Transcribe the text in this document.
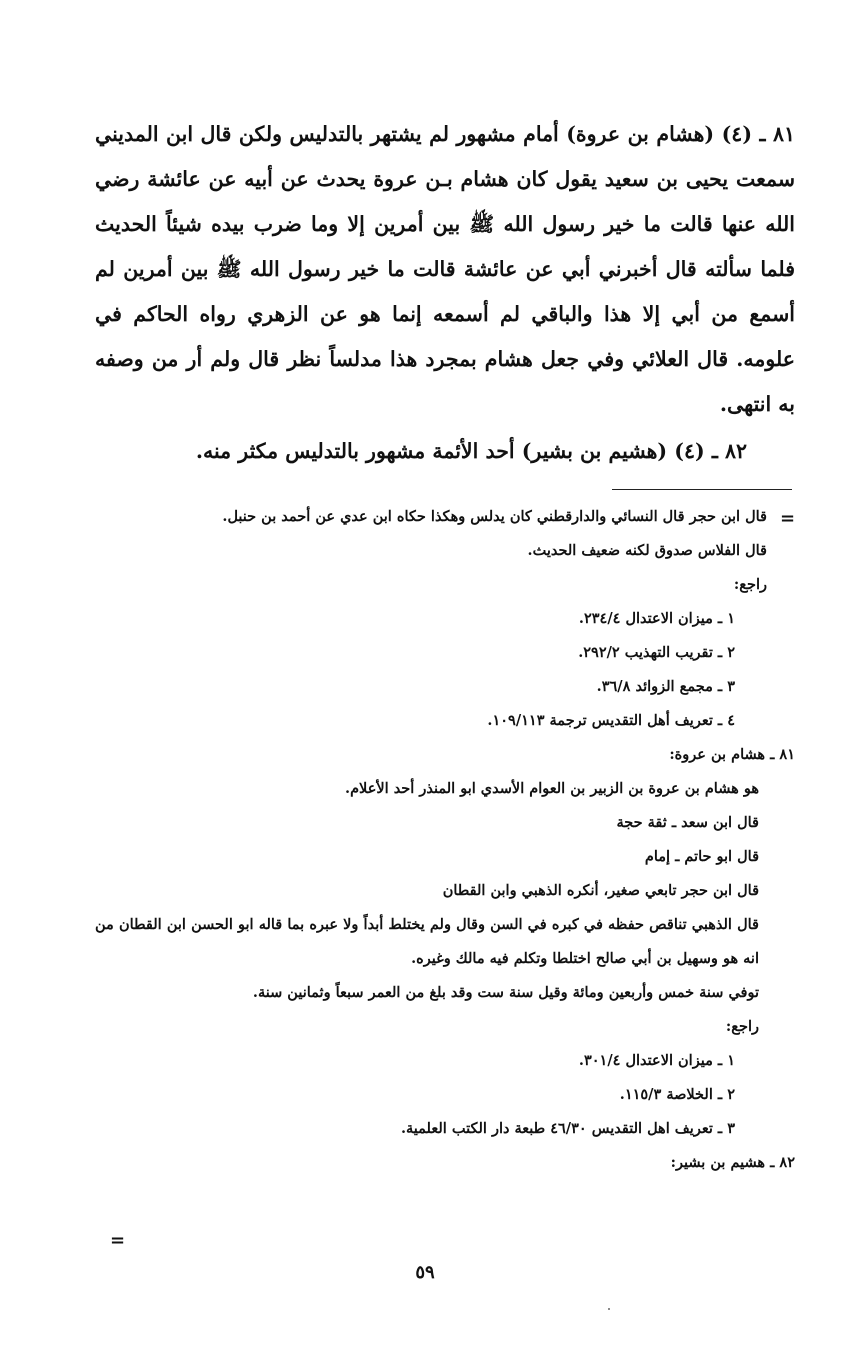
٨١ ـ (٤) (هشام بن عروة) أمام مشهور لم يشتهر بالتدليس ولكن قال ابن المديني سمعت يحيى بن سعيد يقول كان هشام بـن عروة يحدث عن أبيه عن عائشة رضي الله عنها قالت ما خير رسول الله ﷺ بين أمرين إلا وما ضرب بيده شيئاً الحديث فلما سألته قال أخبرني أبي عن عائشة قالت ما خير رسول الله ﷺ بين أمرين لم أسمع من أبي إلا هذا والباقي لم أسمعه إنما هو عن الزهري رواه الحاكم في علومه. قال العلائي وفي جعل هشام بمجرد هذا مدلساً نظر قال ولم أر من وصفه به انتهى.

٨٢ ـ (٤) (هشيم بن بشير) أحد الأئمة مشهور بالتدليس مكثر منه.

=
قال ابن حجر قال النسائي والدارقطني كان يدلس وهكذا حكاه ابن عدي عن أحمد بن حنبل.
قال الفلاس صدوق لكنه ضعيف الحديث.
راجع:
١ ـ ميزان الاعتدال ٢٣٤/٤.
٢ ـ تقريب التهذيب ٢٩٢/٢.
٣ ـ مجمع الزوائد ٣٦/٨.
٤ ـ تعريف أهل التقديس ترجمة ١٠٩/١١٣.
٨١ ـ هشام بن عروة:
هو هشام بن عروة بن الزبير بن العوام الأسدي ابو المنذر أحد الأعلام.
قال ابن سعد ـ ثقة حجة
قال ابو حاتم ـ إمام
قال ابن حجر تابعي صغير، أنكره الذهبي وابن القطان
قال الذهبي تناقص حفظه في كبره في السن وقال ولم يختلط أبداً ولا عبره بما قاله ابو الحسن ابن القطان من انه هو وسهيل بن أبي صالح اختلطا وتكلم فيه مالك وغيره.
توفي سنة خمس وأربعين ومائة وقيل سنة ست وقد بلغ من العمر سبعاً وثمانين سنة.
راجع:
١ ـ ميزان الاعتدال ٣٠١/٤.
٢ ـ الخلاصة ١١٥/٣.
٣ ـ تعريف اهل التقديس ٤٦/٣٠ طبعة دار الكتب العلمية.
٨٢ ـ هشيم بن بشير:
=
٥٩
